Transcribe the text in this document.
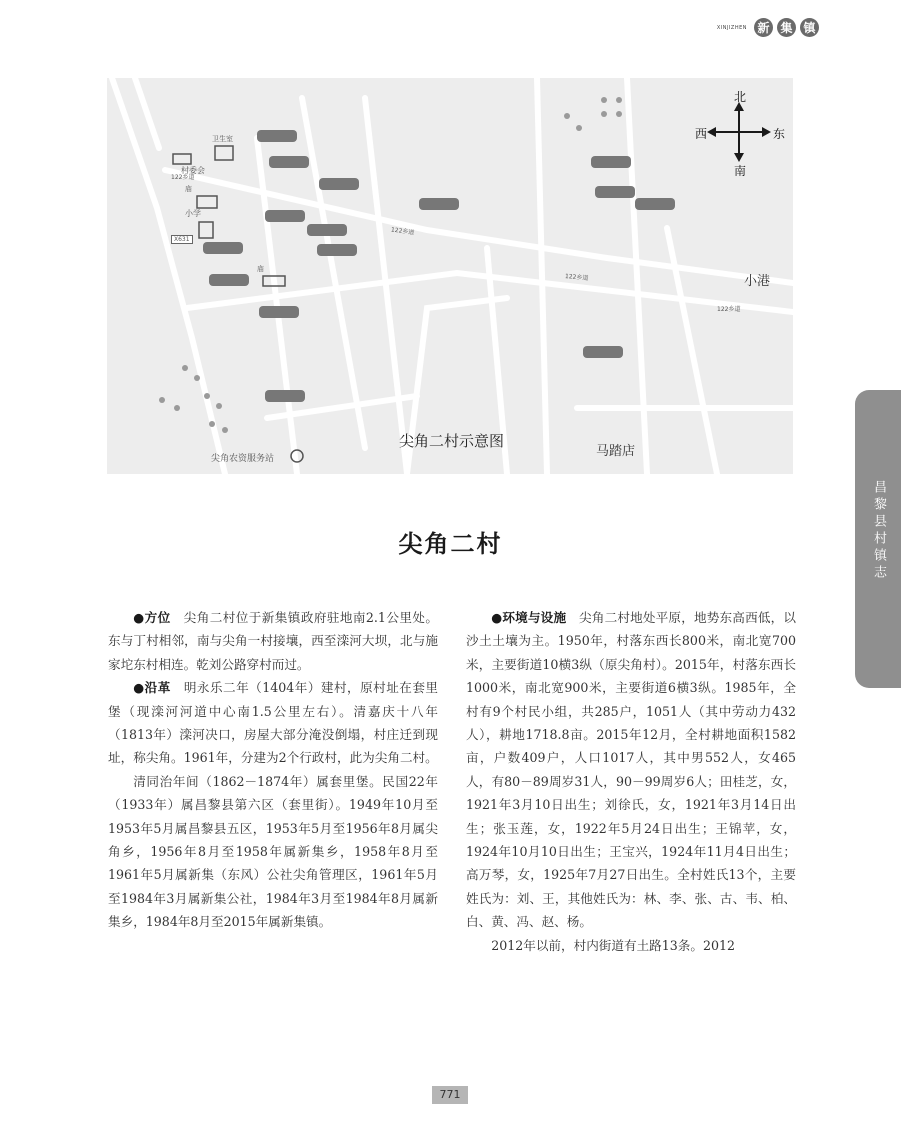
XINJIZHEN 新 集 镇
卫生室
村委会
庙
小学
X631
庙
122乡道
122乡道
122乡道
122乡道
小港
马踏店
尖角农资服务站
尖角二村示意图
北
南
西	东
昌黎县村镇志
尖角二村

●方位　 尖角二村位于新集镇政府驻地南2.1公里处。东与丁村相邻，南与尖角一村接壤，西至滦河大坝，北与施家坨东村相连。乾刘公路穿村而过。

●沿革　 明永乐二年（1404年）建村，原村址在套里堡（现滦河河道中心南1.5公里左右）。清嘉庆十八年（1813年）滦河决口，房屋大部分淹没倒塌，村庄迁到现址，称尖角。1961年，分建为2个行政村，此为尖角二村。

清同治年间（1862－1874年）属套里堡。民国22年（1933年）属昌黎县第六区（套里街）。1949年10月至1953年5月属昌黎县五区，1953年5月至1956年8月属尖角乡，1956年8月至1958年属新集乡，1958年8月至1961年5月属新集（东风）公社尖角管理区，1961年5月至1984年3月属新集公社，1984年3月至1984年8月属新集乡，1984年8月至2015年属新集镇。

●环境与设施　 尖角二村地处平原，地势东高西低，以沙土土壤为主。1950年，村落东西长800米，南北宽700米，主要街道10横3纵（原尖角村）。2015年，村落东西长1000米，南北宽900米，主要街道6横3纵。1985年，全村有9个村民小组，共285户，1051人（其中劳动力432人），耕地1718.8亩。2015年12月，全村耕地面积1582亩，户数409户，人口1017人，其中男552人，女465人，有80－89周岁31人，90－99周岁6人；田桂芝，女，1921年3月10日出生；刘徐氏，女，1921年3月14日出生；张玉莲，女，1922年5月24日出生；王锦苹，女，1924年10月10日出生；王宝兴，1924年11月4日出生；高万琴，女，1925年7月27日出生。全村姓氏13个，主要姓氏为：刘、王，其他姓氏为：林、李、张、古、韦、柏、白、黄、冯、赵、杨。

2012年以前，村内街道有土路13条。2012

771
